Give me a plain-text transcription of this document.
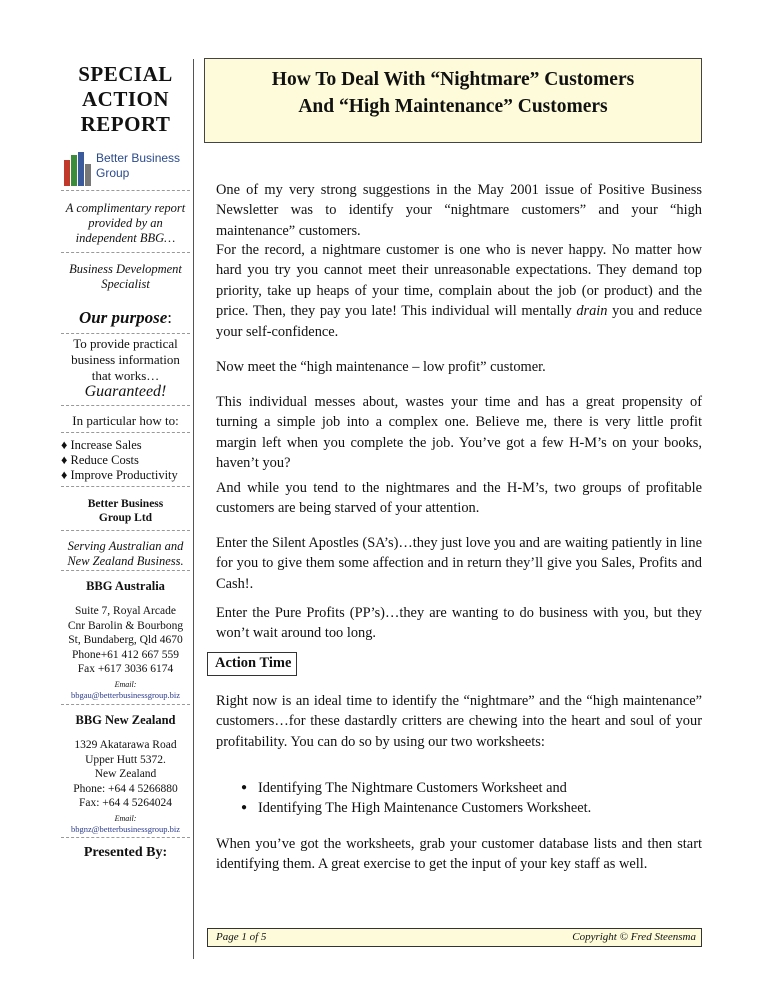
SPECIAL
ACTION
REPORT
Better Business
Group
A complimentary report
provided by an
independent BBG…
Business Development
Specialist
Our purpose:
To provide practical
business information
that works…
Guaranteed!
In particular how to:
♦ Increase Sales
♦ Reduce Costs
♦ Improve Productivity
Better Business
Group Ltd
Serving Australian and
New Zealand Business.
BBG Australia
Suite 7, Royal Arcade
Cnr Barolin & Bourbong
St, Bundaberg, Qld 4670
Phone+61 412 667 559
Fax +617 3036 6174
Email:
bbgau@betterbusinessgroup.biz
BBG New Zealand
1329 Akatarawa Road
Upper Hutt 5372.
New Zealand
Phone: +64 4 5266880
Fax: +64 4 5264024
Email:
bbgnz@betterbusinessgroup.biz
Presented By:
How To Deal With “Nightmare” Customers
And “High Maintenance” Customers
One of my very strong suggestions in the May 2001 issue of Positive Business Newsletter was to identify your “nightmare customers” and your “high maintenance” customers.
For the record, a nightmare customer is one who is never happy. No matter how hard you try you cannot meet their unreasonable expectations. They demand top priority, take up heaps of your time, complain about the job (or product) and the price. Then, they pay you late! This individual will mentally drain you and reduce your self-confidence.
Now meet the “high maintenance – low profit” customer.
This individual messes about, wastes your time and has a great propensity of turning a simple job into a complex one. Believe me, there is very little profit margin left when you complete the job. You’ve got a few H-M’s on your books, haven’t you?
And while you tend to the nightmares and the H-M’s, two groups of profitable customers are being starved of your attention.
Enter the Silent Apostles (SA’s)…they just love you and are waiting patiently in line for you to give them some affection and in return they’ll give you Sales, Profits and Cash!.
Enter the Pure Profits (PP’s)…they are wanting to do business with you, but they won’t wait around too long.
Action Time
Right now is an ideal time to identify the “nightmare” and the “high maintenance” customers…for these dastardly critters are chewing into the heart and soul of your profitability. You can do so by using our two worksheets:
● Identifying The Nightmare Customers Worksheet and
● Identifying The High Maintenance Customers Worksheet.
When you’ve got the worksheets, grab your customer database lists and then start identifying them. A great exercise to get the input of your key staff as well.
Page 1 of 5	Copyright © Fred Steensma
